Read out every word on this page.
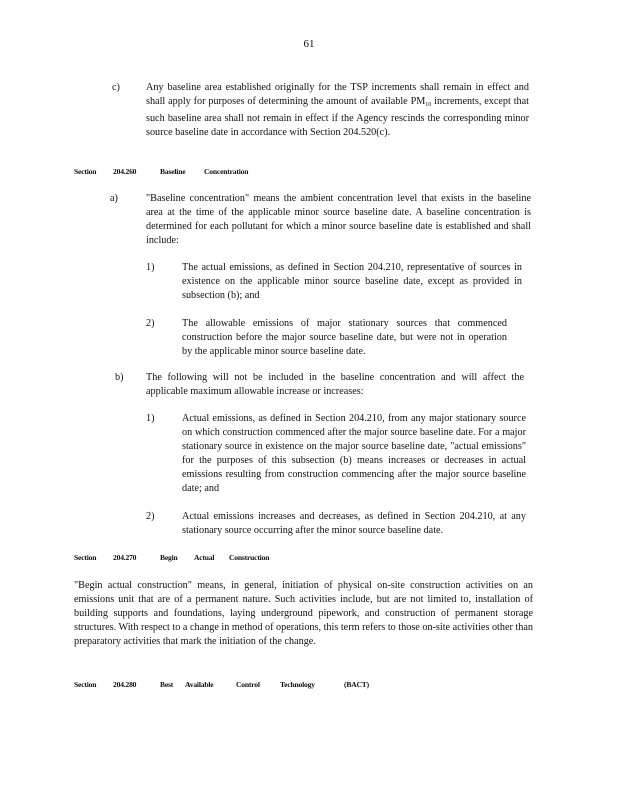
61
c)	Any baseline area established originally for the TSP increments shall remain in effect and shall apply for purposes of determining the amount of available $PM_{10}$ increments, except that such baseline area shall not remain in effect if the Agency rescinds the corresponding minor source baseline date in accordance with Section 204.520(c).
Section 204.260	Baseline Concentration
a)	"Baseline concentration" means the ambient concentration level that exists in the baseline area at the time of the applicable minor source baseline date. A baseline concentration is determined for each pollutant for which a minor source baseline date is established and shall include:
1)	The actual emissions, as defined in Section 204.210, representative of sources in existence on the applicable minor source baseline date, except as provided in subsection (b); and
2)	The allowable emissions of major stationary sources that commenced construction before the major source baseline date, but were not in operation by the applicable minor source baseline date.
b) The following will not be included in the baseline concentration and will affect the applicable maximum allowable increase or increases:
1)	Actual emissions, as defined in Section 204.210, from any major stationary source on which construction commenced after the major source baseline date. For a major stationary source in existence on the major source baseline date, "actual emissions" for the purposes of this subsection (b) means increases or decreases in actual emissions resulting from construction commencing after the major source baseline date; and
2)	Actual emissions increases and decreases, as defined in Section 204.210, at any stationary source occurring after the minor source baseline date.
Section 204.270	Begin Actual Construction
"Begin actual construction" means, in general, initiation of physical on-site construction activities on an emissions unit that are of a permanent nature. Such activities include, but are not limited to, installation of building supports and foundations, laying underground pipework, and construction of permanent storage structures. With respect to a change in method of operations, this term refers to those on-site activities other than preparatory activities that mark the initiation of the change.
Section 204.280	Best Available	Control	Technology	(BACT)
